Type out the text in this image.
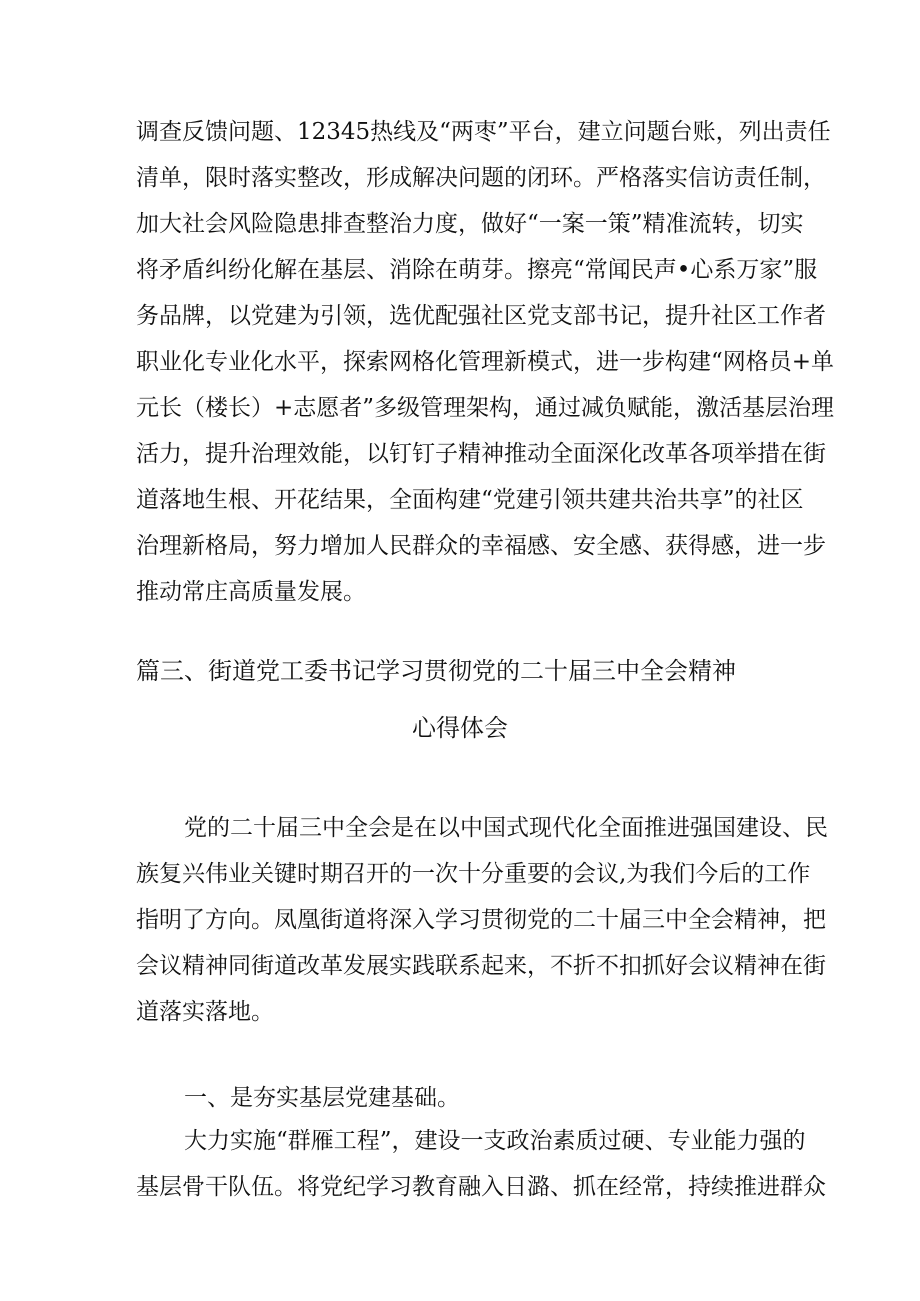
调查反馈问题、12345热线及“两枣”平台，建立问题台账，列出责任

清单，限时落实整改，形成解决问题的闭环。严格落实信访责任制，

加大社会风险隐患排查整治力度，做好“一案一策”精准流转，切实

将矛盾纠纷化解在基层、消除在萌芽。擦亮“常闻民声•心系万家”服

务品牌，以党建为引领，选优配强社区党支部书记，提升社区工作者

职业化专业化水平，探索网格化管理新模式，进一步构建“网格员+单

元长（楼长）+志愿者”多级管理架构，通过减负赋能，激活基层治理

活力，提升治理效能，以钉钉子精神推动全面深化改革各项举措在街

道落地生根、开花结果，全面构建“党建引领共建共治共享”的社区

治理新格局，努力增加人民群众的幸福感、安全感、获得感，进一步

推动常庄高质量发展。

篇三、街道党工委书记学习贯彻党的二十届三中全会精神

心得体会

党的二十届三中全会是在以中国式现代化全面推进强国建设、民

族复兴伟业关键时期召开的一次十分重要的会议,为我们今后的工作

指明了方向。凤凰街道将深入学习贯彻党的二十届三中全会精神，把

会议精神同街道改革发展实践联系起来，不折不扣抓好会议精神在街

道落实落地。

一、是夯实基层党建基础。

大力实施“群雁工程”，建设一支政治素质过硬、专业能力强的

基层骨干队伍。将党纪学习教育融入日潞、抓在经常，持续推进群众
